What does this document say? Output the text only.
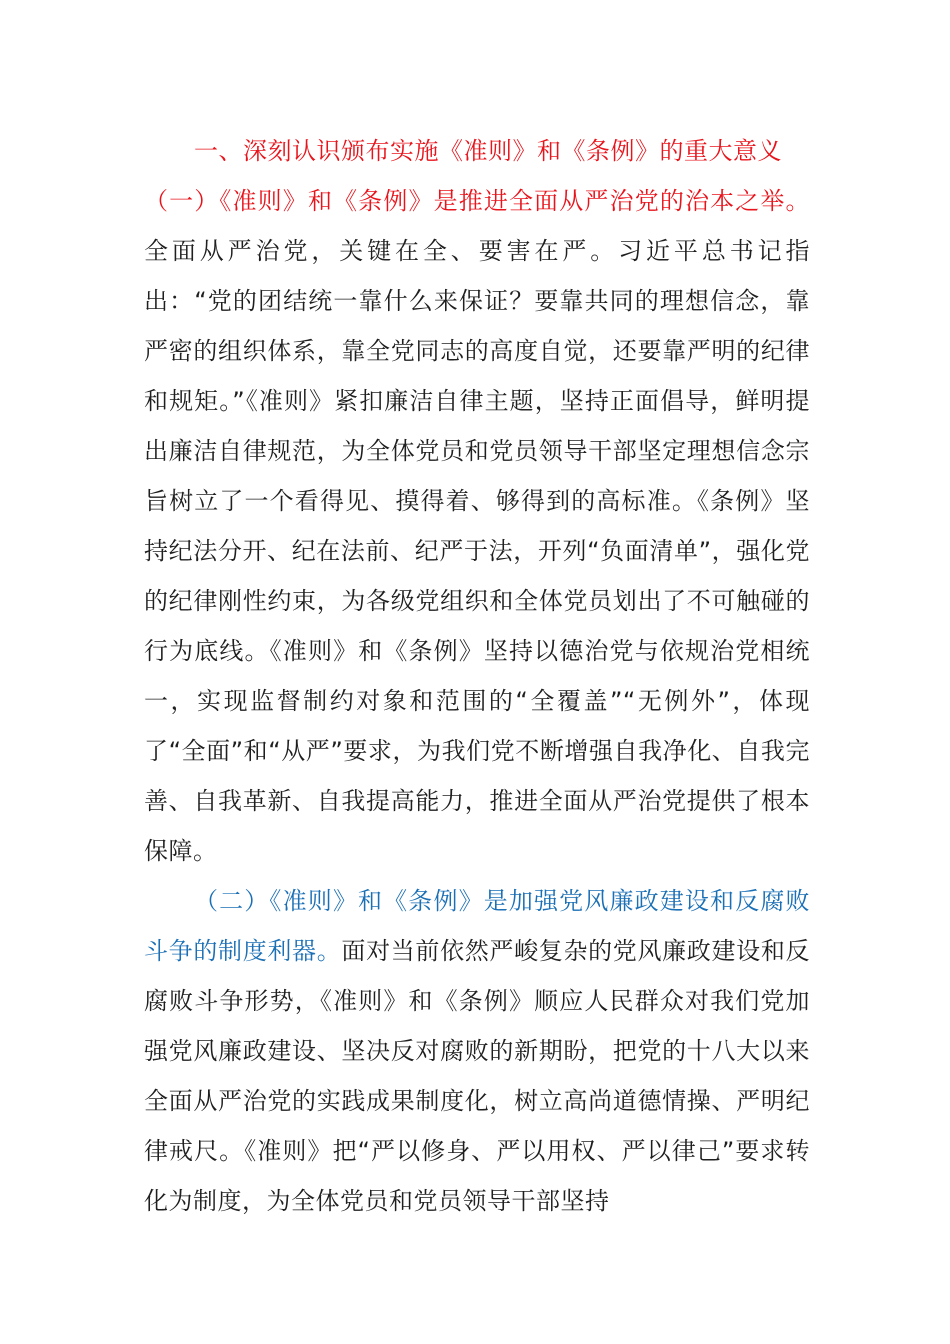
一、深刻认识颁布实施《准则》和《条例》的重大意义

（一）《准则》和《条例》是推进全面从严治党的治本之举。全面从严治党，关键在全、要害在严。习近平总书记指出：“党的团结统一靠什么来保证？要靠共同的理想信念，靠严密的组织体系，靠全党同志的高度自觉，还要靠严明的纪律和规矩。”《准则》紧扣廉洁自律主题，坚持正面倡导，鲜明提出廉洁自律规范，为全体党员和党员领导干部坚定理想信念宗旨树立了一个看得见、摸得着、够得到的高标准。《条例》坚持纪法分开、纪在法前、纪严于法，开列“负面清单”，强化党的纪律刚性约束，为各级党组织和全体党员划出了不可触碰的行为底线。《准则》和《条例》坚持以德治党与依规治党相统一，实现监督制约对象和范围的“全覆盖”“无例外”，体现了“全面”和“从严”要求，为我们党不断增强自我净化、自我完善、自我革新、自我提高能力，推进全面从严治党提供了根本保障。

（二）《准则》和《条例》是加强党风廉政建设和反腐败斗争的制度利器。面对当前依然严峻复杂的党风廉政建设和反腐败斗争形势，《准则》和《条例》顺应人民群众对我们党加强党风廉政建设、坚决反对腐败的新期盼，把党的十八大以来全面从严治党的实践成果制度化，树立高尚道德情操、严明纪律戒尺。《准则》把“严以修身、严以用权、严以律己”要求转化为制度，为全体党员和党员领导干部坚持
